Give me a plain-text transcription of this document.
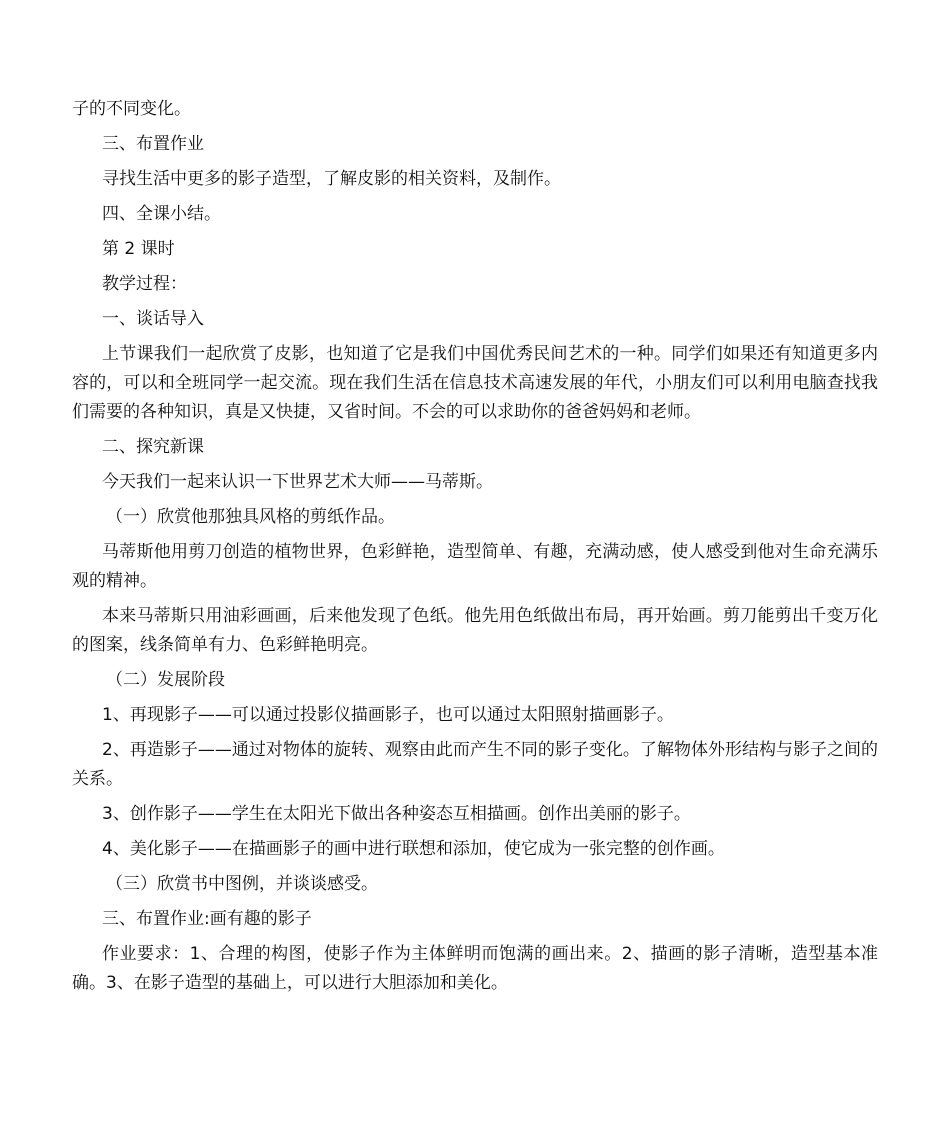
子的不同变化。

三、布置作业

寻找生活中更多的影子造型，了解皮影的相关资料，及制作。

四、全课小结。

第 2 课时

教学过程：

一、谈话导入

上节课我们一起欣赏了皮影，也知道了它是我们中国优秀民间艺术的一种。同学们如果还有知道更多内容的，可以和全班同学一起交流。现在我们生活在信息技术高速发展的年代，小朋友们可以利用电脑查找我们需要的各种知识，真是又快捷，又省时间。不会的可以求助你的爸爸妈妈和老师。

二、探究新课

今天我们一起来认识一下世界艺术大师——马蒂斯。

（一）欣赏他那独具风格的剪纸作品。

马蒂斯他用剪刀创造的植物世界，色彩鲜艳，造型简单、有趣，充满动感，使人感受到他对生命充满乐观的精神。

本来马蒂斯只用油彩画画，后来他发现了色纸。他先用色纸做出布局，再开始画。剪刀能剪出千变万化的图案，线条简单有力、色彩鲜艳明亮。

（二）发展阶段

1、再现影子——可以通过投影仪描画影子，也可以通过太阳照射描画影子。

2、再造影子——通过对物体的旋转、观察由此而产生不同的影子变化。了解物体外形结构与影子之间的关系。

3、创作影子——学生在太阳光下做出各种姿态互相描画。创作出美丽的影子。

4、美化影子——在描画影子的画中进行联想和添加，使它成为一张完整的创作画。

（三）欣赏书中图例，并谈谈感受。

三、布置作业:画有趣的影子

作业要求：1、合理的构图，使影子作为主体鲜明而饱满的画出来。2、描画的影子清晰，造型基本准确。3、在影子造型的基础上，可以进行大胆添加和美化。
